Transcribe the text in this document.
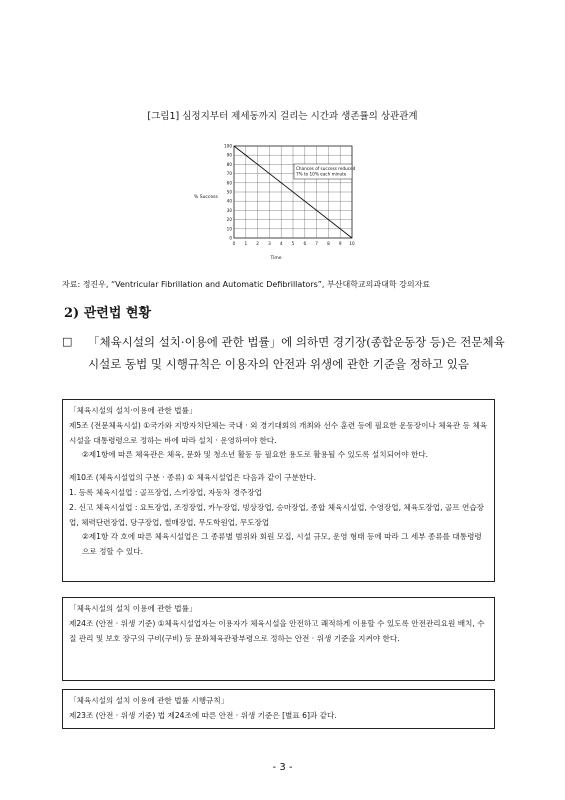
[그림1] 심정지부터 제세동까지 걸리는 시간과 생존률의 상관관계
0
10
20
30
40
50
60
70
80
90
100
0 1 2 3 4 5 6 7 8 9 10
Chances of success reduced 7% to 10% each minute
% Success
Time
자료: 정진우, “Ventricular Fibrillation and Automatic Defibrillators”, 부산대학교의과대학 강의자료
2) 관련법 현황
□ 「체육시설의 설치·이용에 관한 법률」에 의하면 경기장(종합운동장 등)은 전문체육시설로 동법 및 시행규칙은 이용자의 안전과 위생에 관한 기준을 정하고 있음

「체육시설의 설치·이용에 관한 법률」

제5조 (전문체육시설) ①국가와 지방자치단체는 국내 · 외 경기대회의 개최와 선수 훈련 등에 필요한 운동장이나 체육관 등 체육시설을 대통령령으로 정하는 바에 따라 설치 · 운영하여야 한다.

②제1항에 따른 체육관은 체육, 문화 및 청소년 활동 등 필요한 용도로 활용될 수 있도록 설치되어야 한다.

제10조 (체육시설업의 구분 · 종류) ① 체육시설업은 다음과 같이 구분한다.

1. 등록 체육시설업 : 골프장업, 스키장업, 자동차 경주장업

2. 신고 체육시설업 : 요트장업, 조정장업, 카누장업, 빙상장업, 승마장업, 종합 체육시설업, 수영장업, 체육도장업, 골프 연습장업, 체력단련장업, 당구장업, 썰매장업, 무도학원업, 무도장업

②제1항 각 호에 따른 체육시설업은 그 종류별 범위와 회원 모집, 시설 규모, 운영 형태 등에 따라 그 세부 종류를 대통령령으로 정할 수 있다.

「체육시설의 설치 이용에 관한 법률」

제24조 (안전 · 위생 기준) ①체육시설업자는 이용자가 체육시설을 안전하고 쾌적하게 이용할 수 있도록 안전관리요원 배치, 수질 관리 및 보호 장구의 구비(구비) 등 문화체육관광부령으로 정하는 안전 · 위생 기준을 지켜야 한다.

「체육시설의 설치 이용에 관한 법률 시행규칙」

제23조 (안전 · 위생 기준) 법 제24조에 따른 안전 · 위생 기준은 [별표 6]과 같다.

- 3 -
